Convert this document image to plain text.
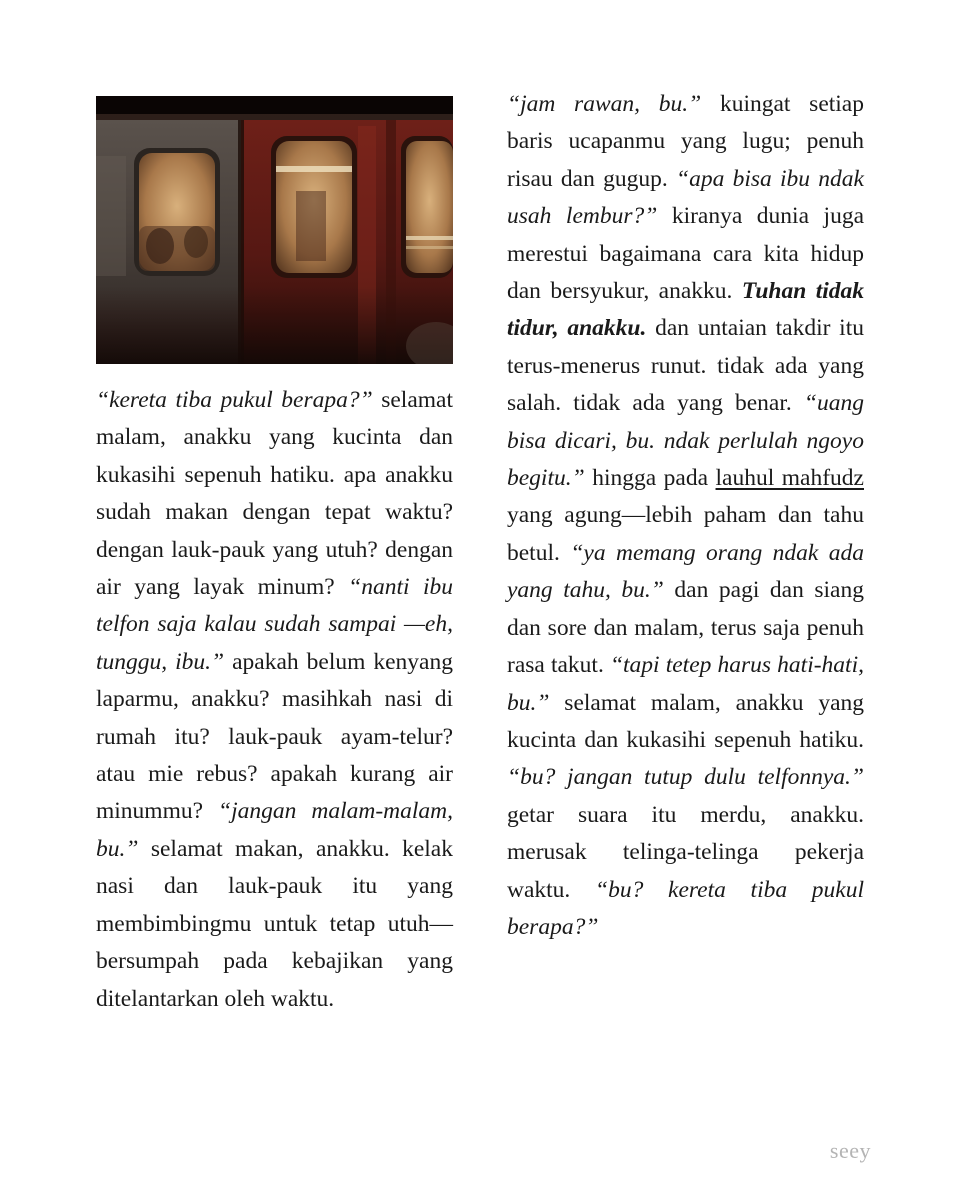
“kereta tiba pukul berapa?” selamat malam, anakku yang kucinta dan kukasihi sepenuh hatiku. apa anakku sudah makan dengan tepat waktu? dengan lauk-pauk yang utuh? dengan air yang layak minum? “nanti ibu telfon saja kalau sudah sampai —eh, tunggu, ibu.” apakah belum kenyang laparmu, anakku? masihkah nasi di rumah itu? lauk-pauk ayam-telur? atau mie rebus? apakah kurang air minummu? “jangan malam-malam, bu.” selamat makan, anakku. kelak nasi dan lauk-pauk itu yang membimbingmu untuk tetap utuh—bersumpah pada kebajikan yang ditelantarkan oleh waktu.

“jam rawan, bu.” kuingat setiap baris ucapanmu yang lugu; penuh risau dan gugup. “apa bisa ibu ndak usah lembur?” kiranya dunia juga merestui bagaimana cara kita hidup dan bersyukur, anakku. Tuhan tidak tidur, anakku. dan untaian takdir itu terus-menerus runut. tidak ada yang salah. tidak ada yang benar. “uang bisa dicari, bu. ndak perlulah ngoyo begitu.” hingga pada lauhul mahfudz yang agung—lebih paham dan tahu betul. “ya memang orang ndak ada yang tahu, bu.” dan pagi dan siang dan sore dan malam, terus saja penuh rasa takut. “tapi tetep harus hati-hati, bu.” selamat malam, anakku yang kucinta dan kukasihi sepenuh hatiku. “bu? jangan tutup dulu telfonnya.” getar suara itu merdu, anakku. merusak telinga-telinga pekerja waktu. “bu? kereta tiba pukul berapa?”

seey
